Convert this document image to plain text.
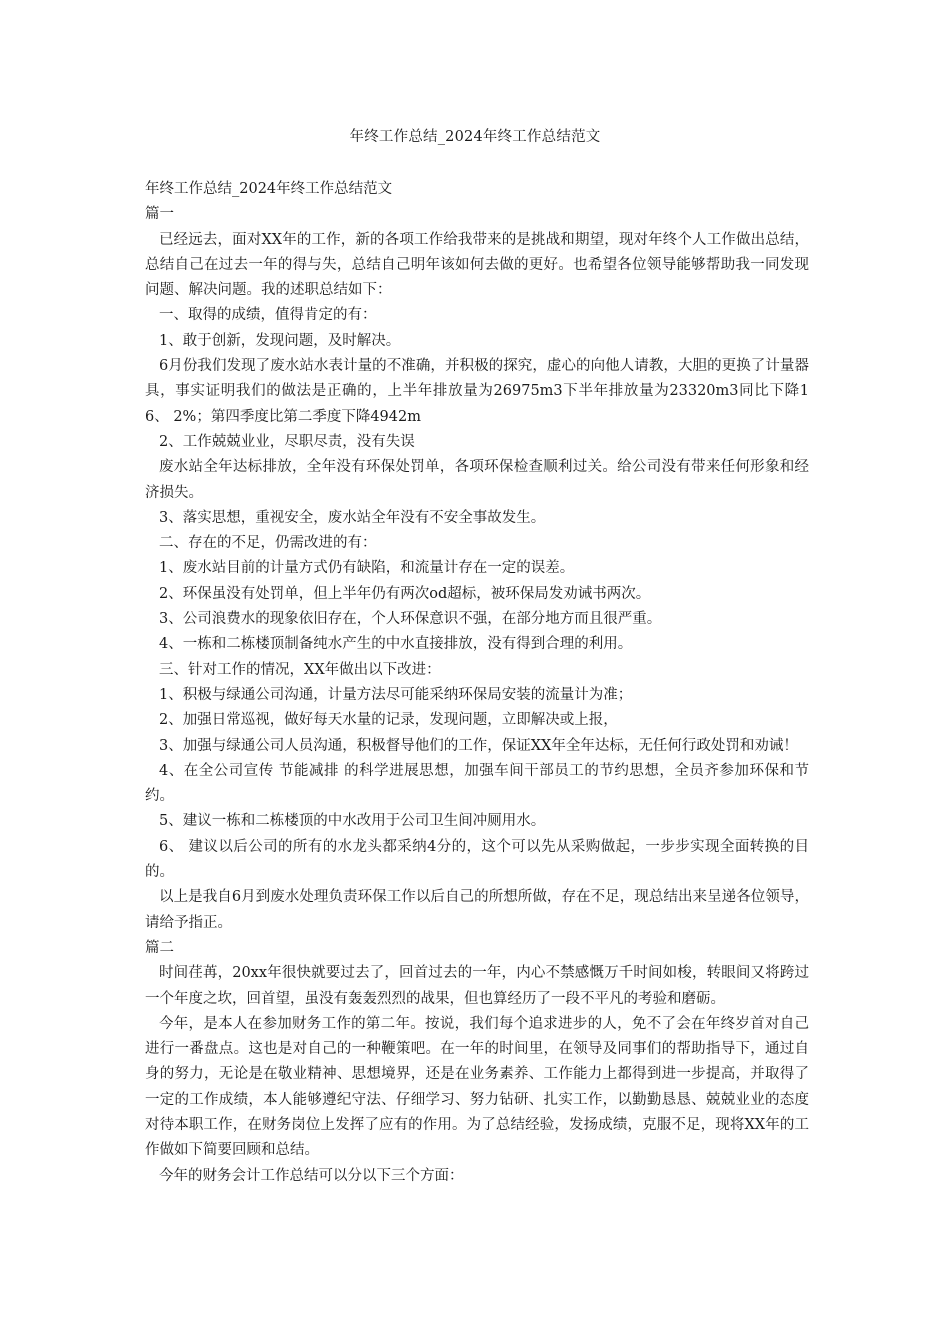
年终工作总结_2024年终工作总结范文

年终工作总结_2024年终工作总结范文

篇一

已经远去，面对XX年的工作，新的各项工作给我带来的是挑战和期望，现对年终个人工作做出总结，总结自己在过去一年的得与失，总结自己明年该如何去做的更好。也希望各位领导能够帮助我一同发现问题、解决问题。我的述职总结如下：

一、取得的成绩，值得肯定的有：

1、敢于创新，发现问题，及时解决。

6月份我们发现了废水站水表计量的不准确，并积极的探究，虚心的向他人请教，大胆的更换了计量器具，事实证明我们的做法是正确的，上半年排放量为26975m3下半年排放量为23320m3同比下降16、 2%；第四季度比第二季度下降4942m

2、工作兢兢业业，尽职尽责，没有失误

废水站全年达标排放，全年没有环保处罚单，各项环保检查顺利过关。给公司没有带来任何形象和经济损失。

3、落实思想，重视安全，废水站全年没有不安全事故发生。

二、存在的不足，仍需改进的有：

1、废水站目前的计量方式仍有缺陷，和流量计存在一定的误差。

2、环保虽没有处罚单，但上半年仍有两次od超标，被环保局发劝诫书两次。

3、公司浪费水的现象依旧存在，个人环保意识不强，在部分地方而且很严重。

4、一栋和二栋楼顶制备纯水产生的中水直接排放，没有得到合理的利用。

三、针对工作的情况，XX年做出以下改进：

1、积极与绿通公司沟通，计量方法尽可能采纳环保局安装的流量计为准；

2、加强日常巡视，做好每天水量的记录，发现问题，立即解决或上报，

3、加强与绿通公司人员沟通，积极督导他们的工作，保证XX年全年达标，无任何行政处罚和劝诫！

4、在全公司宣传 节能减排 的科学进展思想，加强车间干部员工的节约思想，全员齐参加环保和节约。

5、建议一栋和二栋楼顶的中水改用于公司卫生间冲厕用水。

6、 建议以后公司的所有的水龙头都采纳4分的，这个可以先从采购做起，一步步实现全面转换的目的。

以上是我自6月到废水处理负责环保工作以后自己的所想所做，存在不足，现总结出来呈递各位领导，请给予指正。

篇二

时间荏苒，20xx年很快就要过去了，回首过去的一年，内心不禁感慨万千时间如梭，转眼间又将跨过一个年度之坎，回首望，虽没有轰轰烈烈的战果，但也算经历了一段不平凡的考验和磨砺。

今年，是本人在参加财务工作的第二年。按说，我们每个追求进步的人，免不了会在年终岁首对自己进行一番盘点。这也是对自己的一种鞭策吧。在一年的时间里，在领导及同事们的帮助指导下，通过自身的努力，无论是在敬业精神、思想境界，还是在业务素养、工作能力上都得到进一步提高，并取得了一定的工作成绩，本人能够遵纪守法、仔细学习、努力钻研、扎实工作，以勤勤恳恳、兢兢业业的态度对待本职工作，在财务岗位上发挥了应有的作用。为了总结经验，发扬成绩，克服不足，现将XX年的工作做如下简要回顾和总结。

今年的财务会计工作总结可以分以下三个方面：
